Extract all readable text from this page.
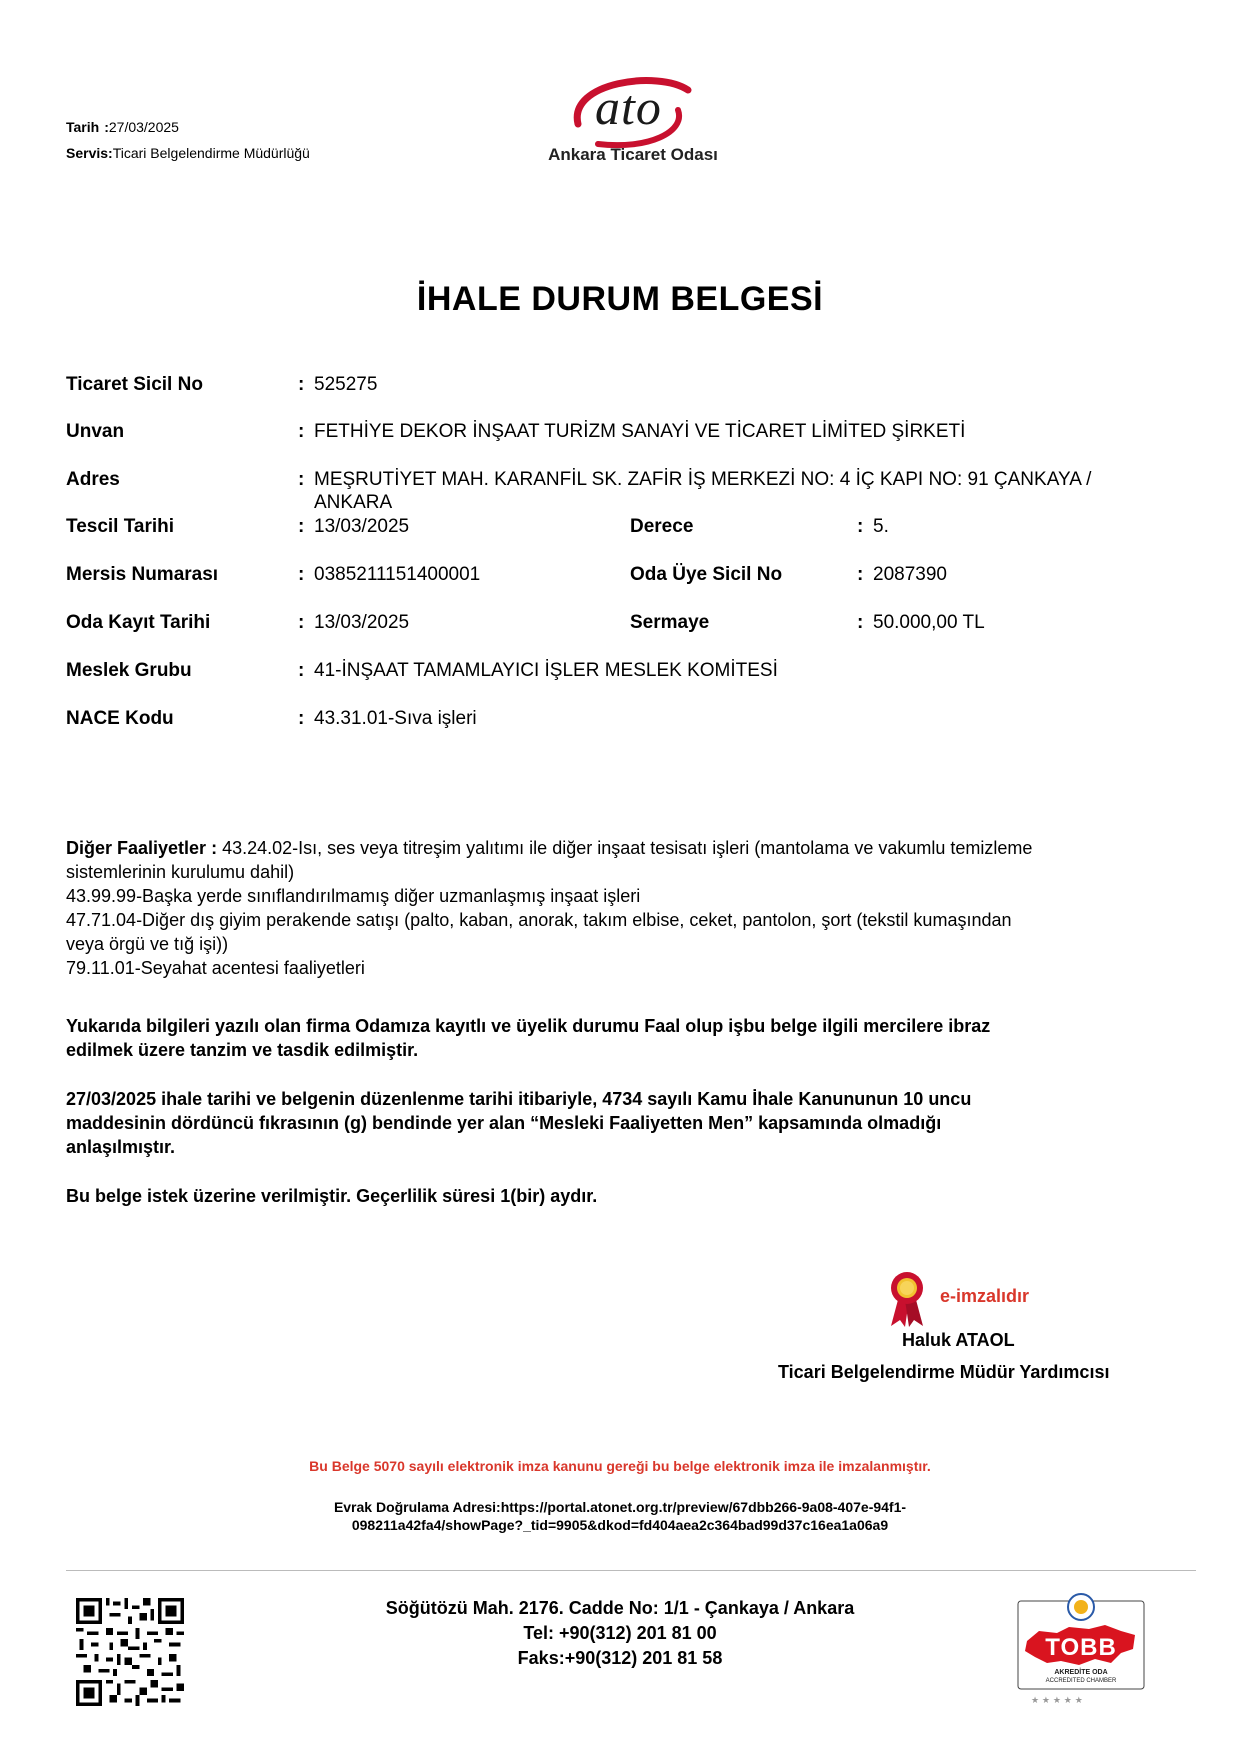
Tarih :27/03/2025
Servis:Ticari Belgelendirme Müdürlüğü
ato
Ankara Ticaret Odası
İHALE DURUM BELGESİ
Ticaret Sicil No	: 525275
Unvan	: FETHİYE DEKOR İNŞAAT TURİZM SANAYİ VE TİCARET LİMİTED ŞİRKETİ
Adres	: MEŞRUTİYET MAH. KARANFİL SK. ZAFİR İŞ MERKEZİ NO: 4 İÇ KAPI NO: 91 ÇANKAYA /
ANKARA
Tescil Tarihi	: 13/03/2025	Derece	: 5.
Mersis Numarası	: 0385211151400001	Oda Üye Sicil No	: 2087390
Oda Kayıt Tarihi	: 13/03/2025	Sermaye	: 50.000,00 TL
Meslek Grubu	: 41-İNŞAAT TAMAMLAYICI İŞLER MESLEK KOMİTESİ
NACE Kodu	: 43.31.01-Sıva işleri
Diğer Faaliyetler : 43.24.02-Isı, ses veya titreşim yalıtımı ile diğer inşaat tesisatı işleri (mantolama ve vakumlu temizleme
sistemlerinin kurulumu dahil)
43.99.99-Başka yerde sınıflandırılmamış diğer uzmanlaşmış inşaat işleri
47.71.04-Diğer dış giyim perakende satışı (palto, kaban, anorak, takım elbise, ceket, pantolon, şort (tekstil kumaşından
veya örgü ve tığ işi))
79.11.01-Seyahat acentesi faaliyetleri
Yukarıda bilgileri yazılı olan firma Odamıza kayıtlı ve üyelik durumu Faal olup işbu belge ilgili mercilere ibraz
edilmek üzere tanzim ve tasdik edilmiştir.
27/03/2025 ihale tarihi ve belgenin düzenlenme tarihi itibariyle, 4734 sayılı Kamu İhale Kanununun 10 uncu
maddesinin dördüncü fıkrasının (g) bendinde yer alan “Mesleki Faaliyetten Men” kapsamında olmadığı
anlaşılmıştır.
Bu belge istek üzerine verilmiştir. Geçerlilik süresi 1(bir) aydır.
e-imzalıdır
Haluk ATAOL
Ticari Belgelendirme Müdür Yardımcısı
Bu Belge 5070 sayılı elektronik imza kanunu gereği bu belge elektronik imza ile imzalanmıştır.
Evrak Doğrulama Adresi:https://portal.atonet.org.tr/preview/67dbb266-9a08-407e-94f1-
098211a42fa4/showPage?_tid=9905&dkod=fd404aea2c364bad99d37c16ea1a06a9
Söğütözü Mah. 2176. Cadde No: 1/1 - Çankaya / Ankara
Tel: +90(312) 201 81 00
Faks:+90(312) 201 81 58
★ ★ ★ ★ ★
TOBB
AKREDİTE ODA
ACCREDITED CHAMBER
